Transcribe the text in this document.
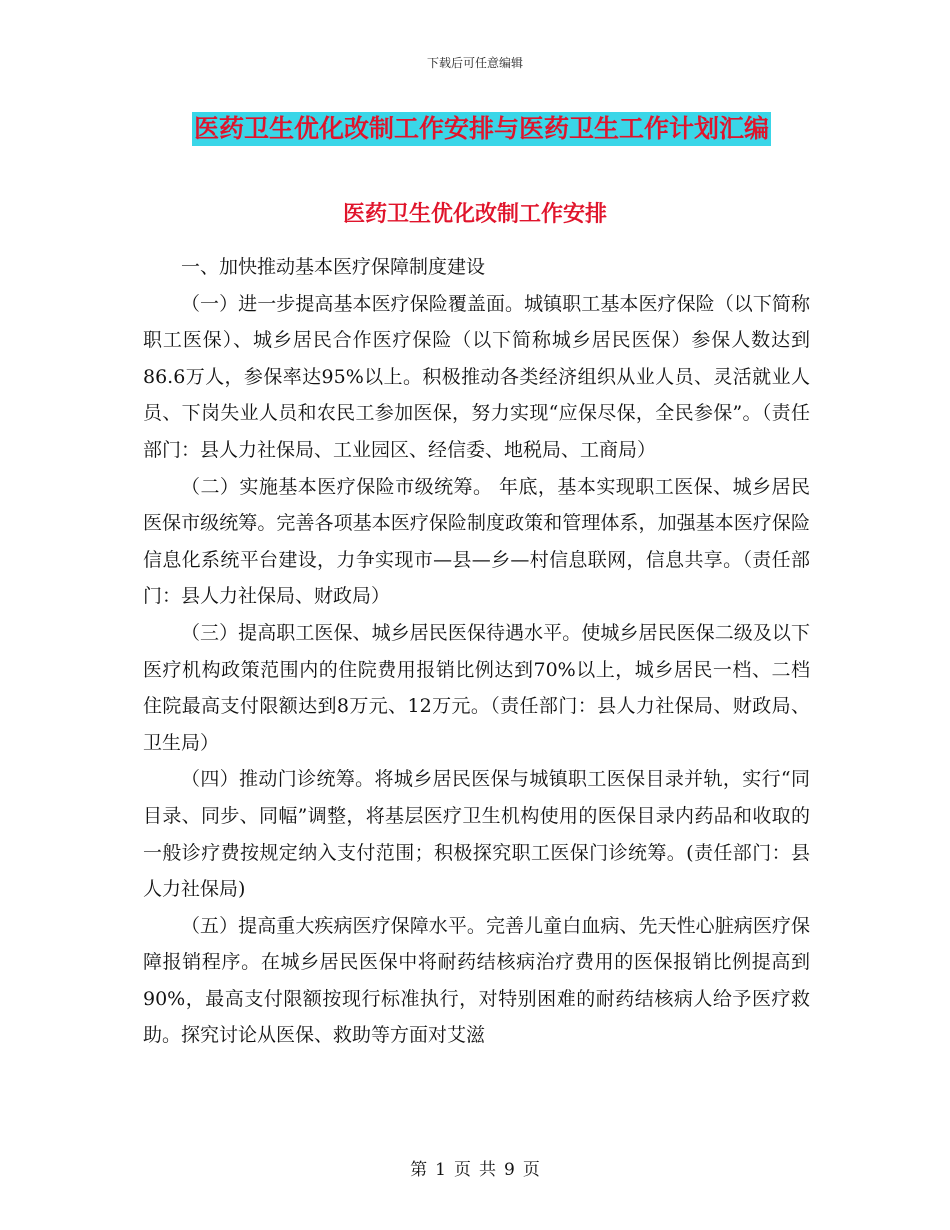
下载后可任意编辑
医药卫生优化改制工作安排与医药卫生工作计划汇编
医药卫生优化改制工作安排

一、加快推动基本医疗保障制度建设

（一）进一步提高基本医疗保险覆盖面。城镇职工基本医疗保险（以下简称职工医保）、城乡居民合作医疗保险（以下简称城乡居民医保）参保人数达到86.6万人，参保率达95%以上。积极推动各类经济组织从业人员、灵活就业人员、下岗失业人员和农民工参加医保，努力实现“应保尽保，全民参保”。（责任部门：县人力社保局、工业园区、经信委、地税局、工商局）

（二）实施基本医疗保险市级统筹。 年底，基本实现职工医保、城乡居民医保市级统筹。完善各项基本医疗保险制度政策和管理体系，加强基本医疗保险信息化系统平台建设，力争实现市—县—乡—村信息联网，信息共享。（责任部门：县人力社保局、财政局）

（三）提高职工医保、城乡居民医保待遇水平。使城乡居民医保二级及以下医疗机构政策范围内的住院费用报销比例达到70%以上，城乡居民一档、二档住院最高支付限额达到8万元、12万元。（责任部门：县人力社保局、财政局、卫生局）

（四）推动门诊统筹。将城乡居民医保与城镇职工医保目录并轨，实行“同目录、同步、同幅”调整，将基层医疗卫生机构使用的医保目录内药品和收取的一般诊疗费按规定纳入支付范围；积极探究职工医保门诊统筹。(责任部门：县人力社保局)

（五）提高重大疾病医疗保障水平。完善儿童白血病、先天性心脏病医疗保障报销程序。在城乡居民医保中将耐药结核病治疗费用的医保报销比例提高到90%，最高支付限额按现行标准执行，对特别困难的耐药结核病人给予医疗救助。探究讨论从医保、救助等方面对艾滋

第 1 页 共 9 页
